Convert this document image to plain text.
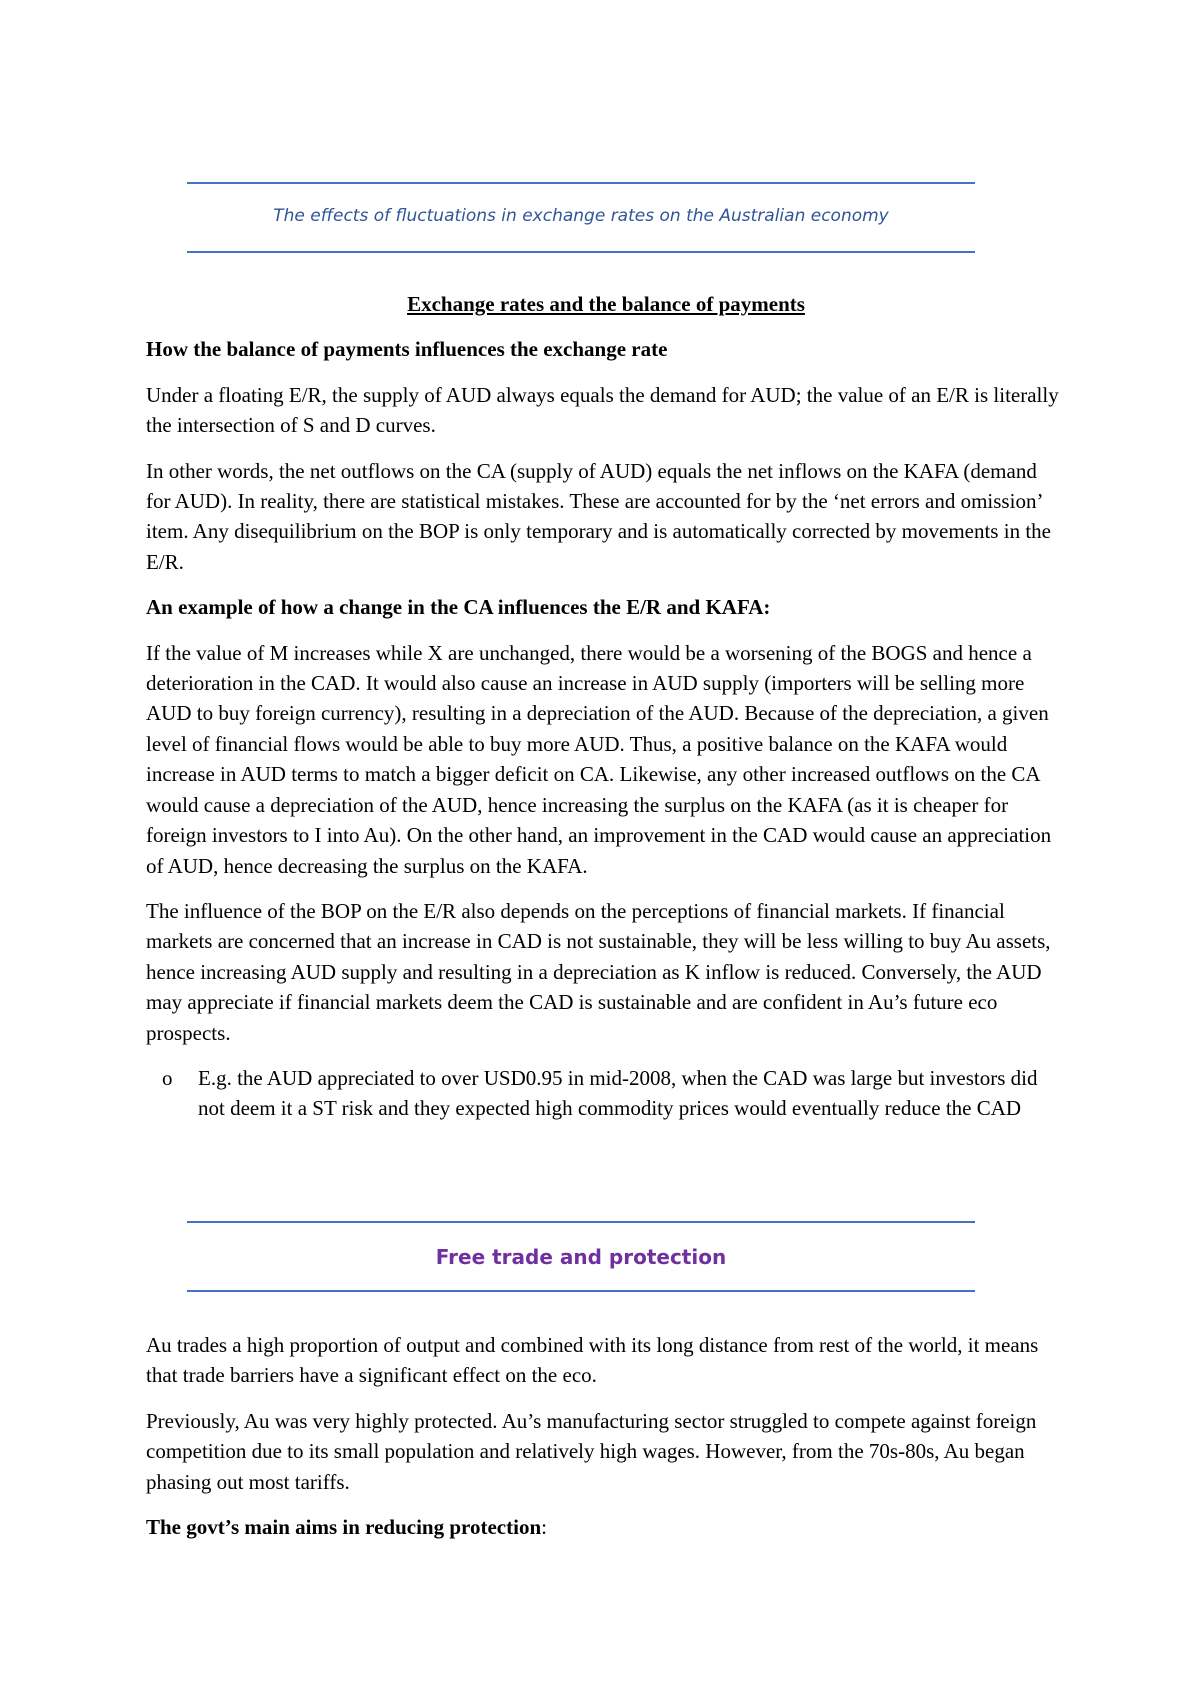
The effects of fluctuations in exchange rates on the Australian economy

Exchange rates and the balance of payments

How the balance of payments influences the exchange rate

Under a floating E/R, the supply of AUD always equals the demand for AUD; the value of an E/R is literally the intersection of S and D curves.

In other words, the net outflows on the CA (supply of AUD) equals the net inflows on the KAFA (demand for AUD). In reality, there are statistical mistakes. These are accounted for by the ‘net errors and omission’ item. Any disequilibrium on the BOP is only temporary and is automatically corrected by movements in the E/R.

An example of how a change in the CA influences the E/R and KAFA:

If the value of M increases while X are unchanged, there would be a worsening of the BOGS and hence a deterioration in the CAD. It would also cause an increase in AUD supply (importers will be selling more AUD to buy foreign currency), resulting in a depreciation of the AUD. Because of the depreciation, a given level of financial flows would be able to buy more AUD. Thus, a positive balance on the KAFA would increase in AUD terms to match a bigger deficit on CA. Likewise, any other increased outflows on the CA would cause a depreciation of the AUD, hence increasing the surplus on the KAFA (as it is cheaper for foreign investors to I into Au). On the other hand, an improvement in the CAD would cause an appreciation of AUD, hence decreasing the surplus on the KAFA.

The influence of the BOP on the E/R also depends on the perceptions of financial markets. If financial markets are concerned that an increase in CAD is not sustainable, they will be less willing to buy Au assets, hence increasing AUD supply and resulting in a depreciation as K inflow is reduced. Conversely, the AUD may appreciate if financial markets deem the CAD is sustainable and are confident in Au’s future eco prospects.

o E.g. the AUD appreciated to over USD0.95 in mid-2008, when the CAD was large but investors did not deem it a ST risk and they expected high commodity prices would eventually reduce the CAD
Free trade and protection

Au trades a high proportion of output and combined with its long distance from rest of the world, it means that trade barriers have a significant effect on the eco.

Previously, Au was very highly protected. Au’s manufacturing sector struggled to compete against foreign competition due to its small population and relatively high wages. However, from the 70s-80s, Au began phasing out most tariffs.

The govt’s main aims in reducing protection:
